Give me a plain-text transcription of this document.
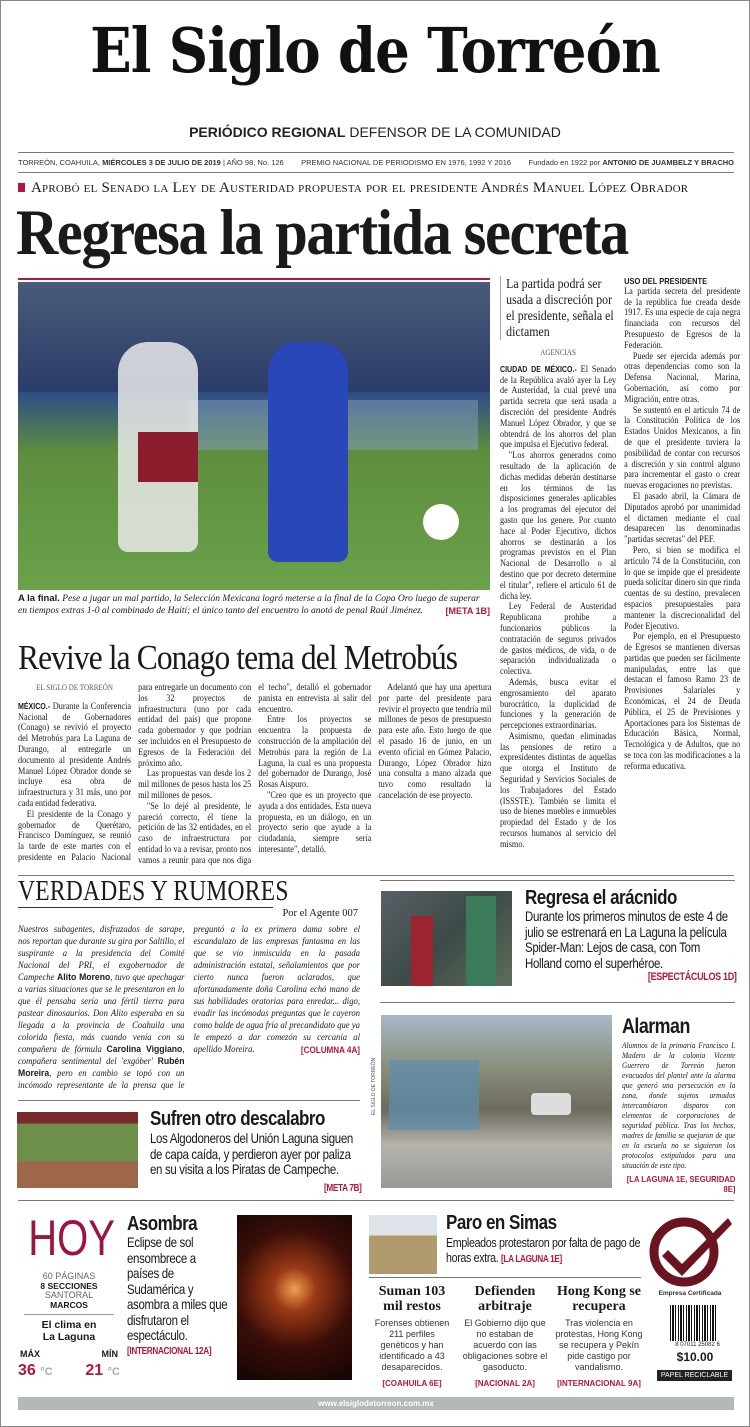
El Siglo de Torreón
PERIÓDICO REGIONAL DEFENSOR DE LA COMUNIDAD
TORREÓN, COAHUILA, MIÉRCOLES 3 DE JULIO DE 2019 | AÑO 98, No. 126 PREMIO NACIONAL DE PERIODISMO EN 1976, 1992 Y 2016 Fundado en 1922 por ANTONIO DE JUAMBELZ Y BRACHO
Aprobó el Senado la Ley de Austeridad propuesta por el presidente Andrés Manuel López Obrador
Regresa la partida secreta
A la final. Pese a jugar un mal partido, la Selección Mexicana logró meterse a la final de la Copa Oro luego de superar en tiempos extras 1-0 al combinado de Haití; el único tanto del encuentro lo anotó de penal Raúl Jiménez. [META 1B]
La partida podrá ser usada a discreción por el presidente, señala el dictamen
AGENCIAS

CIUDAD DE MÉXICO.- El Senado de la República avaló ayer la Ley de Austeridad, la cual prevé una partida secreta que será usada a discreción del presidente Andrés Manuel López Obrador, y que se obtendrá de los ahorros del plan que impulsa el Ejecutivo federal.

"Los ahorros generados como resultado de la aplicación de dichas medidas deberán destinarse en los términos de las disposiciones generales aplicables a los programas del ejecutor del gasto que los genere. Por cuanto hace al Poder Ejecutivo, dichos ahorros se destinarán a los programas previstos en el Plan Nacional de Desarrollo o al destino que por decreto determine el titular", refiere el artículo 61 de dicha ley.

Ley Federal de Austeridad Republicana prohíbe a funcionarios públicos la contratación de seguros privados de gastos médicos, de vida, o de separación individualizada o colectiva.

Además, busca evitar el engrosamiento del aparato burocrático, la duplicidad de funciones y la generación de percepciones extraordinarias.

Asimismo, quedan eliminadas las pensiones de retiro a expresidentes distintas de aquellas que otorga el Instituto de Seguridad y Servicios Sociales de los Trabajadores del Estado (ISSSTE). También se limita el uso de bienes muebles e inmuebles propiedad del Estado y de los recursos humanos al servicio del mismo.

USO DEL PRESIDENTE

La partida secreta del presidente de la república fue creada desde 1917. Es una especie de caja negra financiada con recursos del Presupuesto de Egresos de la Federación.

Puede ser ejercida además por otras dependencias como son la Defensa Nacional, Marina, Gobernación, así como por Migración, entre otras.

Se sustentó en el artículo 74 de la Constitución Política de los Estados Unidos Mexicanos, a fin de que el presidente tuviera la posibilidad de contar con recursos a discreción y sin control alguno para incrementar el gasto o crear nuevas erogaciones no previstas.

El pasado abril, la Cámara de Diputados aprobó por unanimidad el dictamen mediante el cual desaparecen las denominadas "partidas secretas" del PEF.

Pero, si bien se modifica el artículo 74 de la Constitución, con lo que se impide que el presidente pueda solicitar dinero sin que rinda cuentas de su destino, prevalecen espacios presupuestales para mantener la discrecionalidad del Poder Ejecutivo.

Por ejemplo, en el Presupuesto de Egresos se mantienen diversas partidas que pueden ser fácilmente manipuladas, entre las que destacan el famoso Ramo 23 de Provisiones Salariales y Económicas, el 24 de Deuda Pública, el 25 de Previsiones y Aportaciones para los Sistemas de Educación Básica, Normal, Tecnológica y de Adultos, que no se toca con las modificaciones a la reforma educativa.

Revive la Conago tema del Metrobús
EL SIGLO DE TORREÓN

MÉXICO.- Durante la Conferencia Nacional de Gobernadores (Conago) se revivió el proyecto del Metrobús para La Laguna de Durango, al entregarle un documento al presidente Andrés Manuel López Obrador donde se incluye esa obra de infraestructura y 31 más, uno por cada entidad federativa.

El presidente de la Conago y gobernador de Querétaro, Francisco Domínguez, se reunió la tarde de este martes con el presidente en Palacio Nacional para entregarle un documento con los 32 proyectos de infraestructura (uno por cada entidad del país) que propone cada gobernador y que podrían ser incluidos en el Presupuesto de Egresos de la Federación del próximo año.

Las propuestas van desde los 2 mil millones de pesos hasta los 25 mil millones de pesos.

"Se lo dejé al presidente, le pareció correcto, él tiene la petición de las 32 entidades, en el caso de infraestructura por entidad lo va a revisar, pronto nos vamos a reunir para que nos diga el techo", detalló el gobernador panista en entrevista al salir del encuentro.

Entre los proyectos se encuentra la propuesta de construcción de la ampliación del Metrobús para la región de La Laguna, la cual es una propuesta del gobernador de Durango, José Rosas Aispuro.

"Creo que es un proyecto que ayuda a dos entidades. Esta nueva propuesta, en un diálogo, en un proyecto serio que ayude a la ciudadanía, siempre sería interesante", detalló.

Adelantó que hay una apertura por parte del presidente para revivir el proyecto que tendría mil millones de pesos de presupuesto para este año. Esto luego de que el pasado 16 de junio, en un evento oficial en Gómez Palacio, Durango, López Obrador hizo una consulta a mano alzada que tuvo como resultado la cancelación de ese proyecto.

VERDADES Y RUMORES
Por el Agente 007
Nuestros subagentes, disfrazados de sarape, nos reportan que durante su gira por Saltillo, el suspirante a la presidencia del Comité Nacional del PRI, el exgobernador de Campeche Alito Moreno, tuvo que apechugar a varias situaciones que se le presentaron en lo que él pensaba sería una fértil tierra para pastear dinosaurios. Don Alito esperaba en su llegada a la provincia de Coahuila una colorida fiesta, más cuando venía con su compañera de fórmula Carolina Viggiano, compañera sentimental del 'exgóber' Rubén Moreira, pero en cambio se topó con un incómodo representante de la prensa que le preguntó a la ex primera dama sobre el escandalazo de las empresas fantasma en las que se vio inmiscuida en la pasada administración estatal, señalamientos que por cierto nunca fueron aclarados, que afortunadamente doña Carolina echó mano de sus habilidades oratorias para enredar... digo, evadir las incómodas preguntas que le cayeron como balde de agua fría al precandidato que ya le empezó a dar comezón su cercanía al apellido Moreira.	[COLUMNA 4A]
Sufren otro descalabro
Los Algodoneros del Unión Laguna siguen de capa caída, y perdieron ayer por paliza en su visita a los Piratas de Campeche.
[META 7B]
Regresa el arácnido
Durante los primeros minutos de este 4 de julio se estrenará en La Laguna la película Spider-Man: Lejos de casa, con Tom Holland como el superhéroe.
[ESPECTÁCULOS 1D]
EL SIGLO DE TORREÓN
Alarman
Alumnos de la primaria Francisco I. Madero de la colonia Vicente Guerrero de Torreón fueron evacuados del plantel ante la alarma que generó una persecución en la zona, donde sujetos armados intercambiaron disparos con elementos de corporaciones de seguridad pública. Tras los hechos, madres de familia se quejaron de que en la escuela no se siguieron los protocolos estipulados para una situación de este tipo.
[LA LAGUNA 1E, SEGURIDAD 8E]
HOY
60 PÁGINAS
8 SECCIONES
SANTORAL
MARCOS
El clima en La Laguna
MÁX	MÍN
36 °C 21 °C
Asombra
Eclipse de sol ensombrece a países de Sudamérica y asombra a miles que disfrutaron el espectáculo.
[INTERNACIONAL 12A]
Paro en Simas
Empleados protestaron por falta de pago de horas extra. [LA LAGUNA 1E]
Suman 103 mil restos

Forenses obtienen 211 perfiles genéticos y han identificado a 43 desaparecidos.

[COAHUILA 6E]
Defienden arbitraje

El Gobierno dijo que no estaban de acuerdo con las obligaciones sobre el gasoducto.

[NACIONAL 2A]
Hong Kong se recupera

Tras violencia en protestas, Hong Kong se recupera y Pekín pide castigo por vandalismo.

[INTERNACIONAL 9A]
Empresa Certificada
8 07011 25082 6
$10.00
PAPEL RECICLABLE
www.elsiglodetorreon.com.mx
